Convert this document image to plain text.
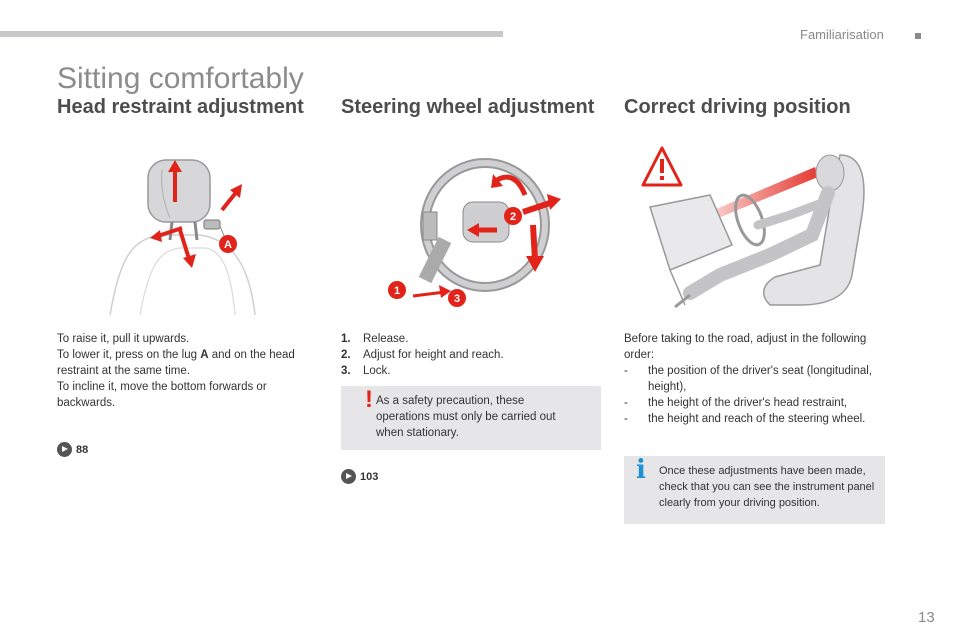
Familiarisation
Sitting comfortably
Head restraint adjustment
A

To raise it, pull it upwards.

To lower it, press on the lug A and on the head restraint at the same time.

To incline it, move the bottom forwards or backwards.

88
Steering wheel adjustment
2
1
3
1.	Release.
2.	Adjust for height and reach.
3.	Lock.
! As a safety precaution, these operations must only be carried out when stationary.
103
Correct driving position

Before taking to the road, adjust in the following order:

-	the position of the driver's seat (longitudinal, height),
-	the height of the driver's head restraint,
-	the height and reach of the steering wheel.
i Once these adjustments have been made, check that you can see the instrument panel clearly from your driving position.
13
